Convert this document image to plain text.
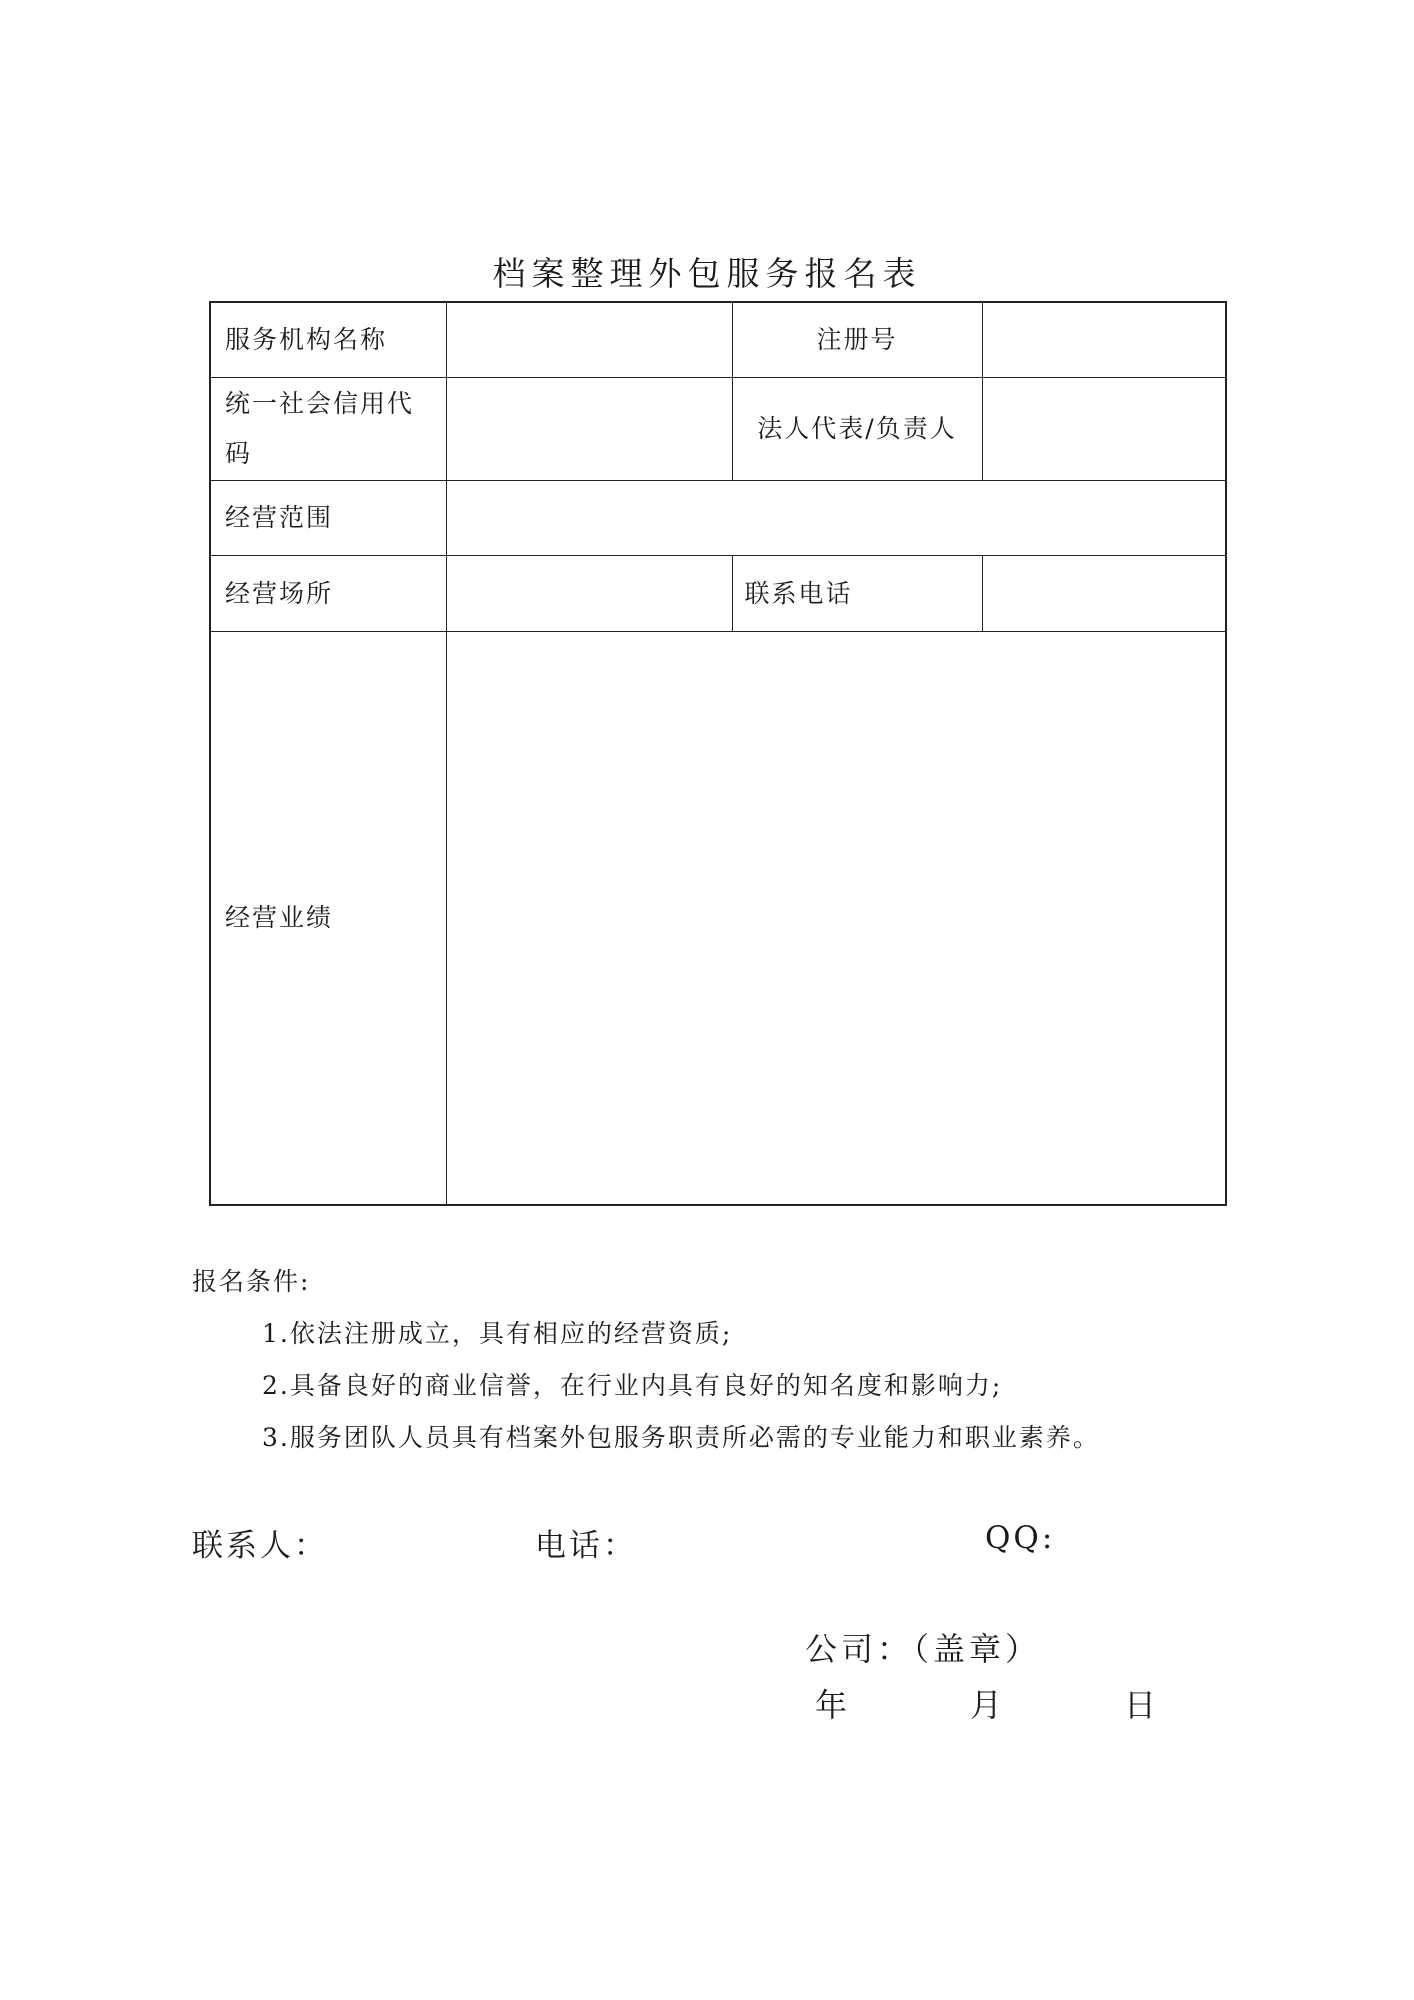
档案整理外包服务报名表
服务机构名称		注册号	
统一社会信用代码		法人代表/负责人	
经营范围			
经营场所		联系电话	
经营业绩			

报名条件:

1.依法注册成立，具有相应的经营资质;

2.具备良好的商业信誉，在行业内具有良好的知名度和影响力;

3.服务团队人员具有档案外包服务职责所必需的专业能力和职业素养。

联系人：	电话：	QQ:
公司：（盖章）
年	月	日
